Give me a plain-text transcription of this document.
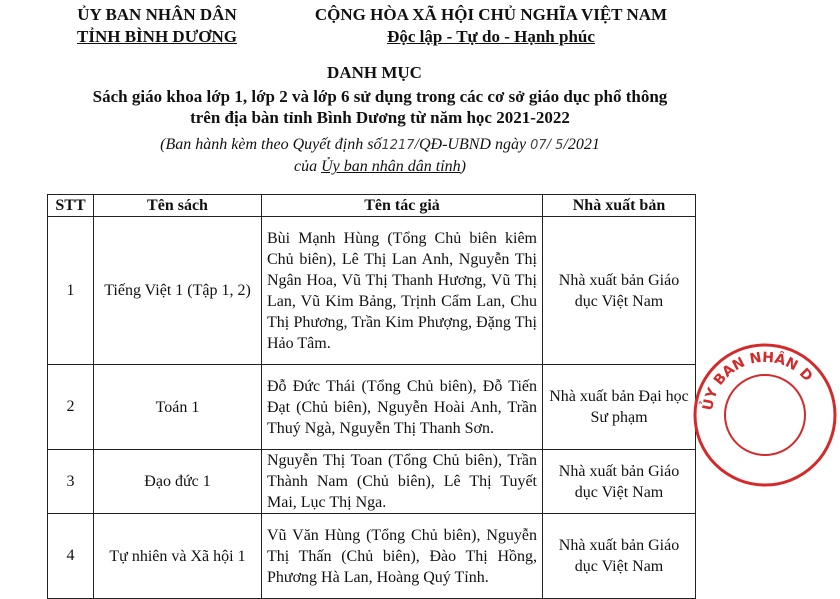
ỦY BAN NHÂN DÂN
TỈNH BÌNH DƯƠNG
CỘNG HÒA XÃ HỘI CHỦ NGHĨA VIỆT NAM
Độc lập - Tự do - Hạnh phúc
DANH MỤC
Sách giáo khoa lớp 1, lớp 2 và lớp 6 sử dụng trong các cơ sở giáo dục phổ thông
trên địa bàn tỉnh Bình Dương từ năm học 2021-2022
(Ban hành kèm theo Quyết định số1217/QĐ-UBND ngày 07/ 5/2021
của Ủy ban nhân dân tỉnh)
STT	Tên sách	Tên tác giả	Nhà xuất bản
1	Tiếng Việt 1 (Tập 1, 2)	Bùi Mạnh Hùng (Tổng Chủ biên kiêm Chủ biên), Lê Thị Lan Anh, Nguyễn Thị Ngân Hoa, Vũ Thị Thanh Hương, Vũ Thị Lan, Vũ Kim Bảng, Trịnh Cẩm Lan, Chu Thị Phương, Trần Kim Phượng, Đặng Thị Hảo Tâm.	Nhà xuất bản Giáo dục Việt Nam
2	Toán 1	Đỗ Đức Thái (Tổng Chủ biên), Đỗ Tiến Đạt (Chủ biên), Nguyễn Hoài Anh, Trần Thuý Ngà, Nguyễn Thị Thanh Sơn.	Nhà xuất bản Đại học Sư phạm
3	Đạo đức 1	Nguyễn Thị Toan (Tổng Chủ biên), Trần Thành Nam (Chủ biên), Lê Thị Tuyết Mai, Lục Thị Nga.	Nhà xuất bản Giáo dục Việt Nam
4	Tự nhiên và Xã hội 1	Vũ Văn Hùng (Tổng Chủ biên), Nguyễn Thị Thấn (Chủ biên), Đào Thị Hồng, Phương Hà Lan, Hoàng Quý Tỉnh.	Nhà xuất bản Giáo dục Việt Nam
ỦY BAN NHÂN D
